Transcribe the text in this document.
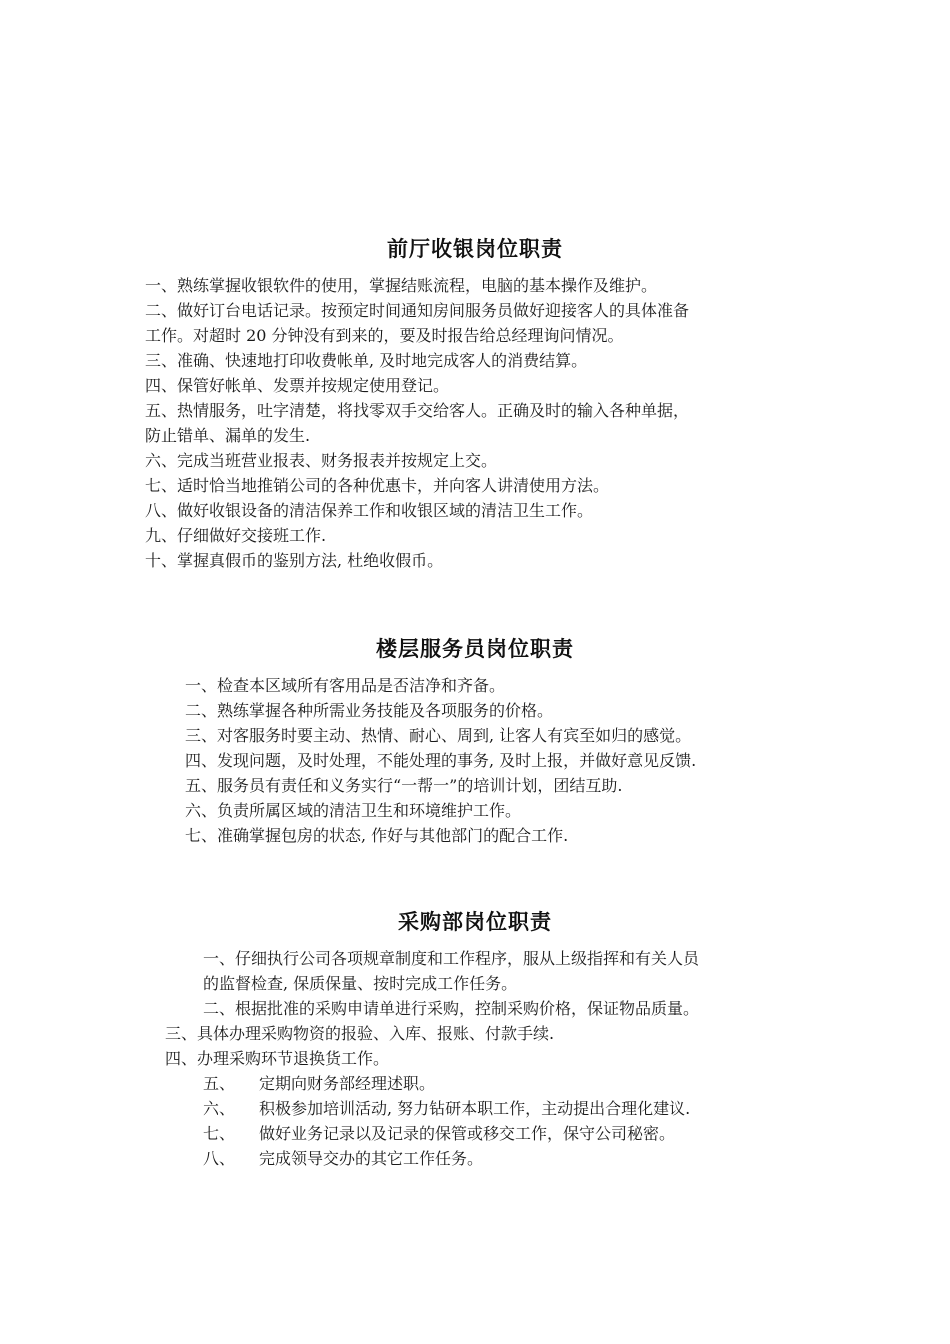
前厅收银岗位职责
一、熟练掌握收银软件的使用，掌握结账流程，电脑的基本操作及维护。
二、做好订台电话记录。按预定时间通知房间服务员做好迎接客人的具体准备
工作。对超时 20 分钟没有到来的，要及时报告给总经理询问情况。
三、准确、快速地打印收费帐单, 及时地完成客人的消费结算。
四、保管好帐单、发票并按规定使用登记。
五、热情服务，吐字清楚，将找零双手交给客人。正确及时的输入各种单据，
防止错单、漏单的发生.
六、完成当班营业报表、财务报表并按规定上交。
七、适时恰当地推销公司的各种优惠卡，并向客人讲清使用方法。
八、做好收银设备的清洁保养工作和收银区域的清洁卫生工作。
九、仔细做好交接班工作.
十、掌握真假币的鉴别方法, 杜绝收假币。
楼层服务员岗位职责
一、检查本区域所有客用品是否洁净和齐备。
二、熟练掌握各种所需业务技能及各项服务的价格。
三、对客服务时要主动、热情、耐心、周到, 让客人有宾至如归的感觉。
四、发现问题，及时处理，不能处理的事务, 及时上报，并做好意见反馈.
五、服务员有责任和义务实行“一帮一”的培训计划，团结互助.
六、负责所属区域的清洁卫生和环境维护工作。
七、准确掌握包房的状态, 作好与其他部门的配合工作.
采购部岗位职责
一、仔细执行公司各项规章制度和工作程序，服从上级指挥和有关人员
的监督检查, 保质保量、按时完成工作任务。
二、根据批准的采购申请单进行采购，控制采购价格，保证物品质量。
三、具体办理采购物资的报验、入库、报账、付款手续.
四、办理采购环节退换货工作。
五、 定期向财务部经理述职。
六、 积极参加培训活动, 努力钻研本职工作，主动提出合理化建议.
七、 做好业务记录以及记录的保管或移交工作，保守公司秘密。
八、 完成领导交办的其它工作任务。
